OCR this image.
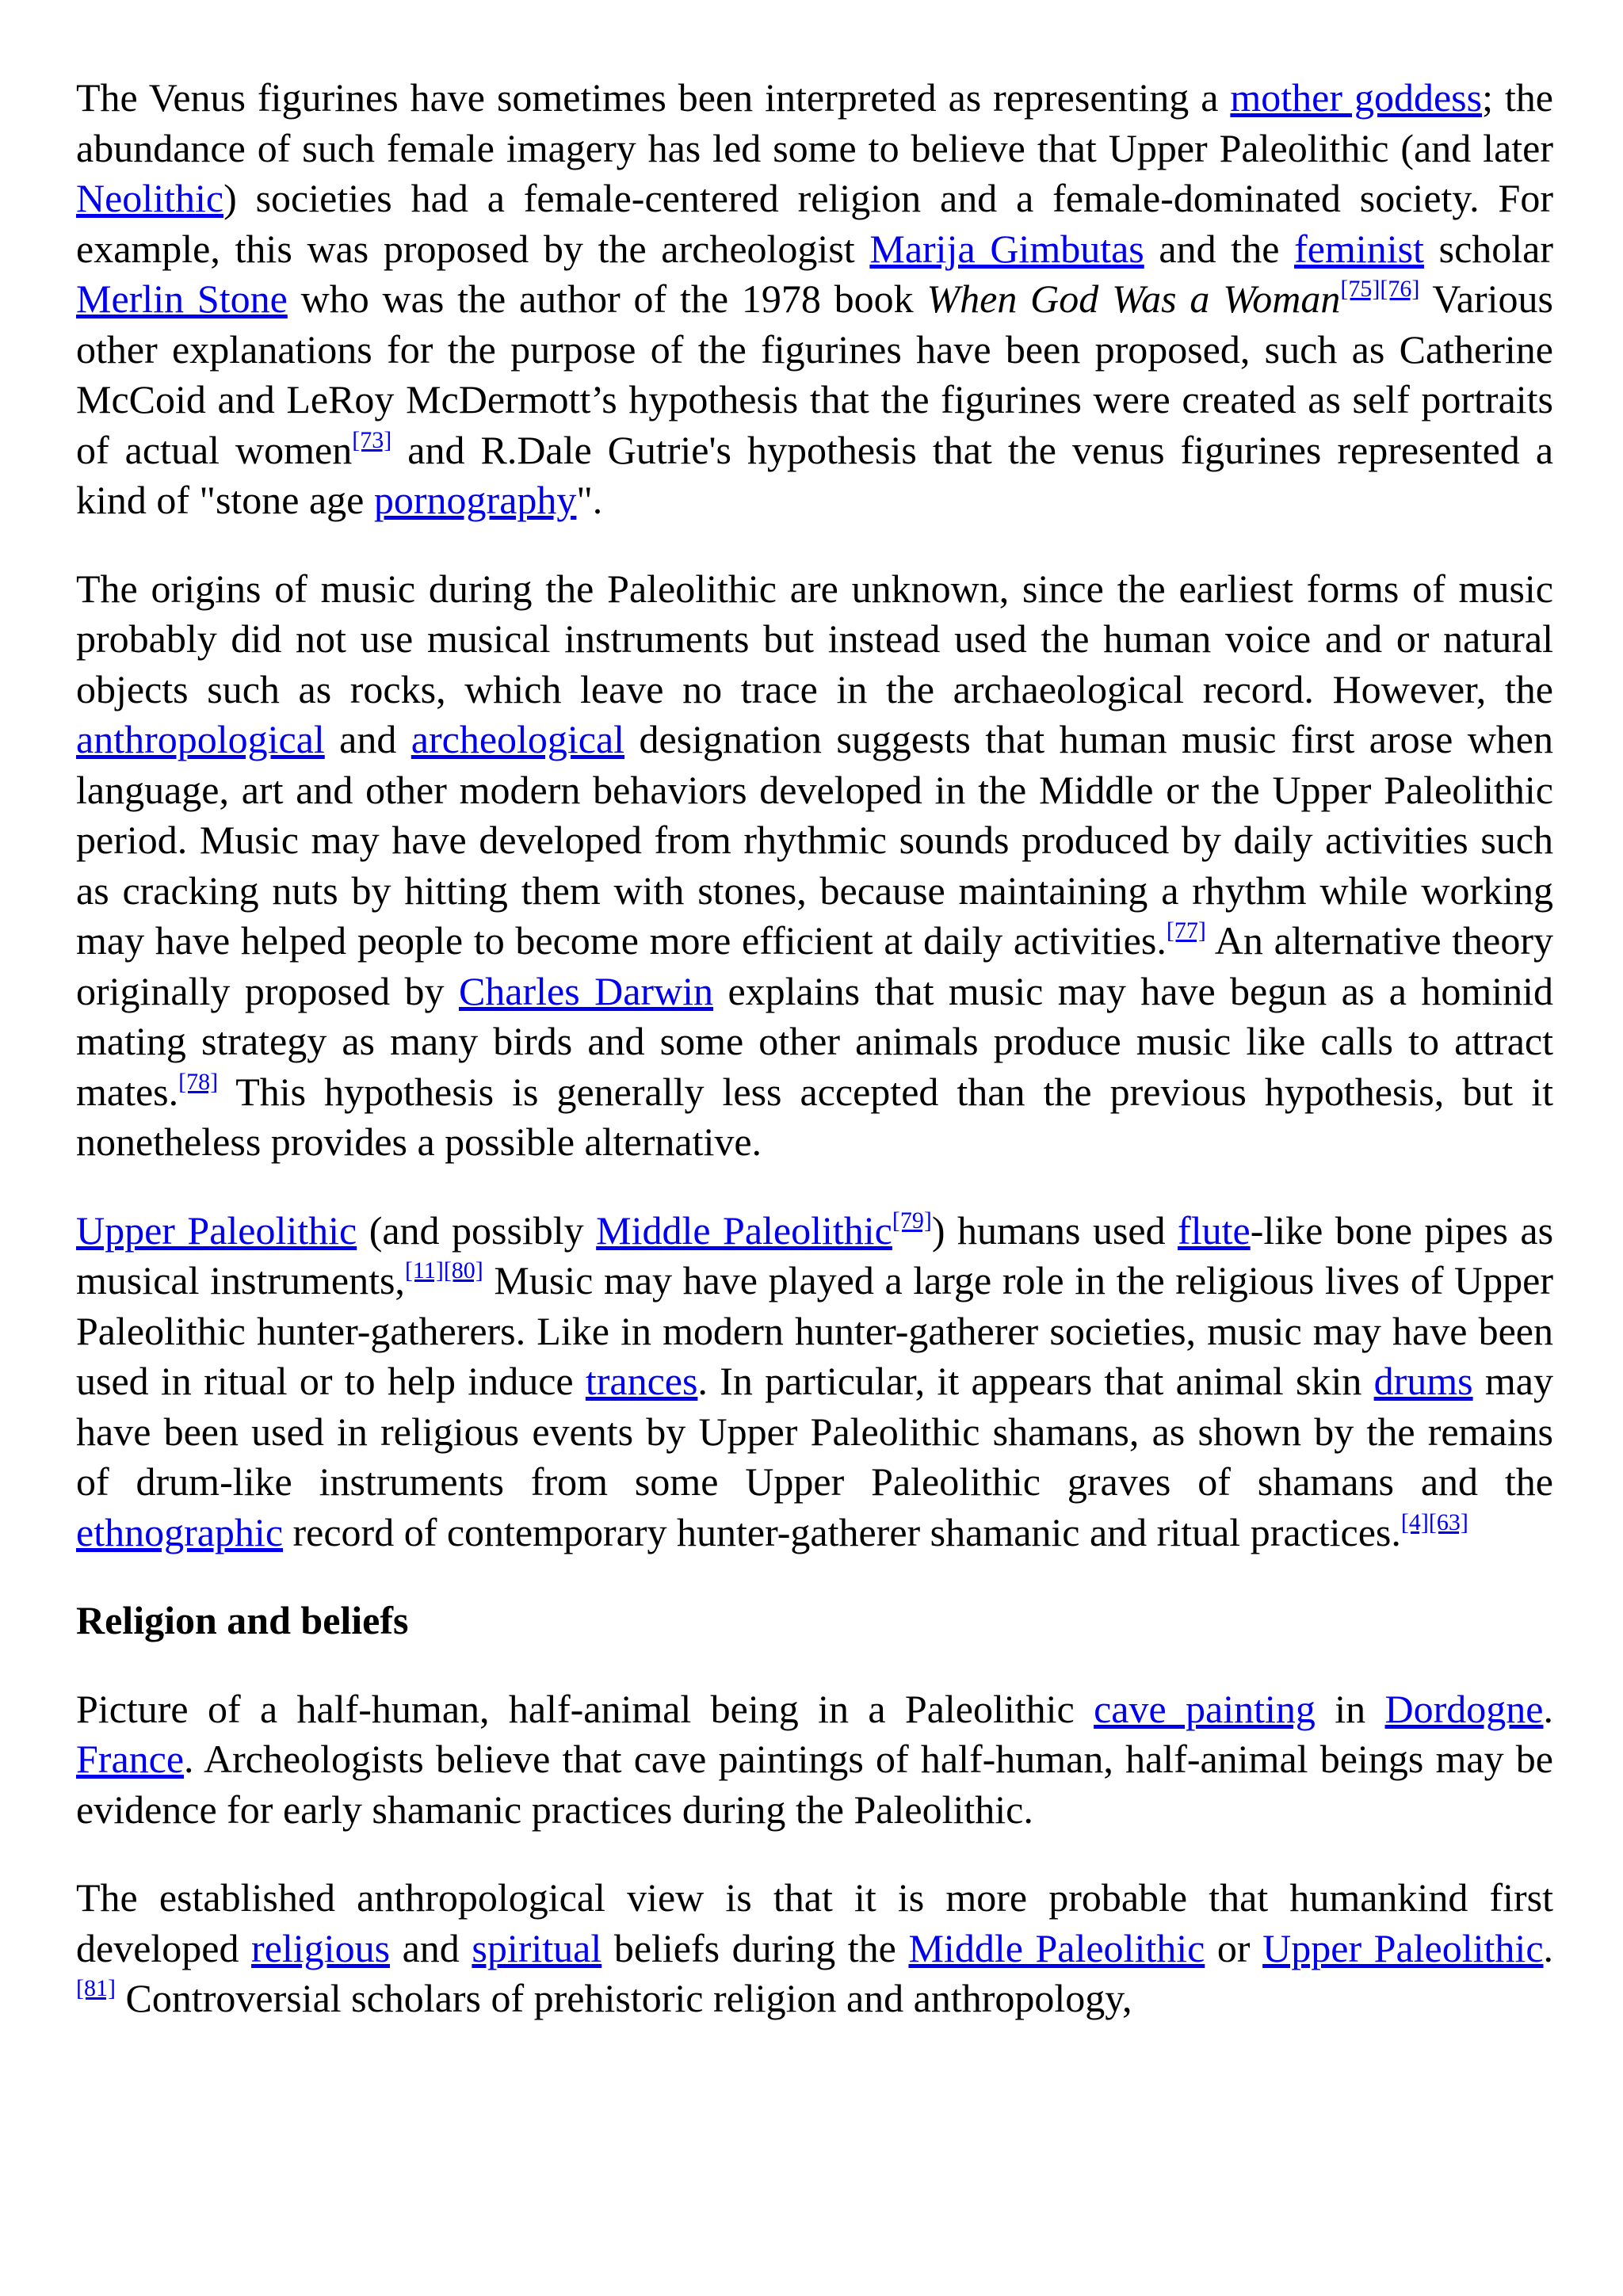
The Venus figurines have sometimes been interpreted as representing a mother goddess; the abundance of such female imagery has led some to believe that Upper Paleolithic (and later Neolithic) societies had a female-centered religion and a female-dominated society. For example, this was proposed by the archeologist Marija Gimbutas and the feminist scholar Merlin Stone who was the author of the 1978 book When God Was a Woman[75][76] Various other explanations for the purpose of the figurines have been proposed, such as Catherine McCoid and LeRoy McDermott’s hypothesis that the figurines were created as self portraits of actual women[73] and R.Dale Gutrie's hypothesis that the venus figurines represented a kind of "stone age pornography".

The origins of music during the Paleolithic are unknown, since the earliest forms of music probably did not use musical instruments but instead used the human voice and or natural objects such as rocks, which leave no trace in the archaeological record. However, the anthropological and archeological designation suggests that human music first arose when language, art and other modern behaviors developed in the Middle or the Upper Paleolithic period. Music may have developed from rhythmic sounds produced by daily activities such as cracking nuts by hitting them with stones, because maintaining a rhythm while working may have helped people to become more efficient at daily activities.[77] An alternative theory originally proposed by Charles Darwin explains that music may have begun as a hominid mating strategy as many birds and some other animals produce music like calls to attract mates.[78] This hypothesis is generally less accepted than the previous hypothesis, but it nonetheless provides a possible alternative.

Upper Paleolithic (and possibly Middle Paleolithic[79]) humans used flute-like bone pipes as musical instruments,[11][80] Music may have played a large role in the religious lives of Upper Paleolithic hunter-gatherers. Like in modern hunter-gatherer societies, music may have been used in ritual or to help induce trances. In particular, it appears that animal skin drums may have been used in religious events by Upper Paleolithic shamans, as shown by the remains of drum-like instruments from some Upper Paleolithic graves of shamans and the ethnographic record of contemporary hunter-gatherer shamanic and ritual practices.[4][63]

Religion and beliefs

Picture of a half-human, half-animal being in a Paleolithic cave painting in Dordogne. France. Archeologists believe that cave paintings of half-human, half-animal beings may be evidence for early shamanic practices during the Paleolithic.

The established anthropological view is that it is more probable that humankind first developed religious and spiritual beliefs during the Middle Paleolithic or Upper Paleolithic.[81] Controversial scholars of prehistoric religion and anthropology,
